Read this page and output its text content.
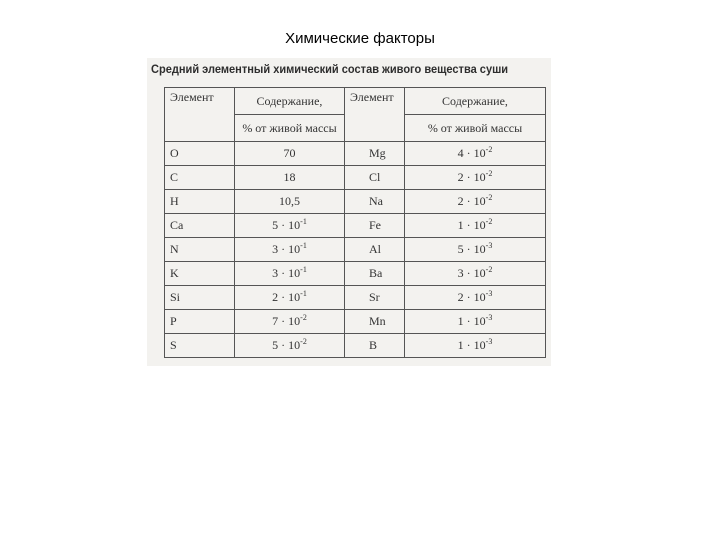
Химические факторы
Средний элементный химический состав живого вещества суши
Элемент	Содержание,	Элемент	Содержание,
	% от живой массы		% от живой массы
O	70	Mg	$4 \cdot 10^{-2}$
C	18	Cl	$2 \cdot 10^{-2}$
H	10,5	Na	$2 \cdot 10^{-2}$
Ca	$5 \cdot 10^{-1}$	Fe	$1 \cdot 10^{-2}$
N	$3 \cdot 10^{-1}$	Al	$5 \cdot 10^{-3}$
K	$3 \cdot 10^{-1}$	Ba	$3 \cdot 10^{-2}$
Si	$2 \cdot 10^{-1}$	Sr	$2 \cdot 10^{-3}$
P	$7 \cdot 10^{-2}$	Mn	$1 \cdot 10^{-3}$
S	$5 \cdot 10^{-2}$	B	$1 \cdot 10^{-3}$
